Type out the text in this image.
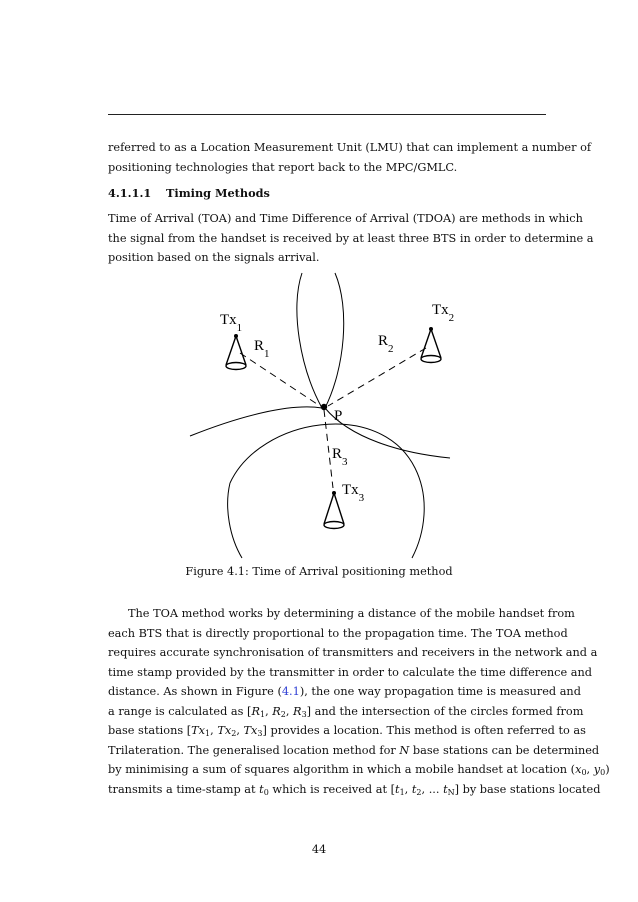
referred to as a Location Measurement Unit (LMU) that can implement a number of
positioning technologies that report back to the MPC/GMLC.
4.1.1.1 Timing Methods
Time of Arrival (TOA) and Time Difference of Arrival (TDOA) are methods in which
the signal from the handset is received by at least three BTS in order to determine a
position based on the signals arrival.
$Tx_1$
$Tx_2$
$Tx_3$
$R_1$
$R_2$
$R_3$
P
Figure 4.1: Time of Arrival positioning method
The TOA method works by determining a distance of the mobile handset from
each BTS that is directly proportional to the propagation time. The TOA method
requires accurate synchronisation of transmitters and receivers in the network and a
time stamp provided by the transmitter in order to calculate the time difference and
distance. As shown in Figure (4.1), the one way propagation time is measured and
a range is calculated as [$R_1$, $R_2$, $R_3$] and the intersection of the circles formed from
base stations [$Tx_1$, $Tx_2$, $Tx_3$] provides a location. This method is often referred to as
Trilateration. The generalised location method for N base stations can be determined
by minimising a sum of squares algorithm in which a mobile handset at location ($x_0$, $y_0$)
transmits a time-stamp at $t_0$ which is received at [$t_1$, $t_2$, ... $t_N$] by base stations located
44
